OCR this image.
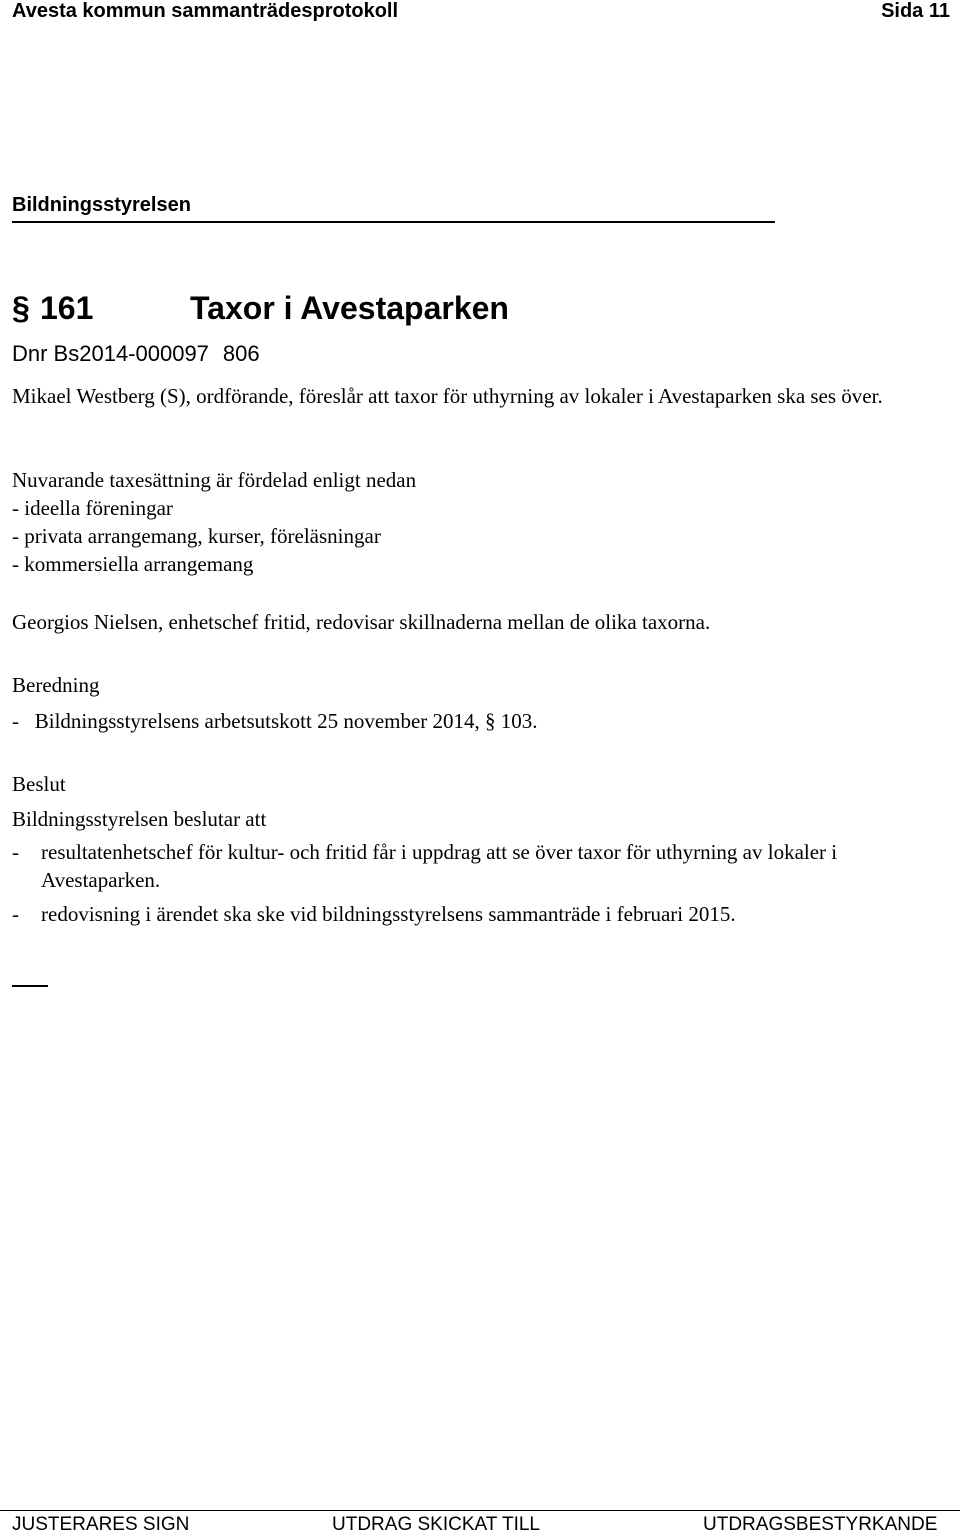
Avesta kommun sammanträdesprotokoll	Sida 11
Bildningsstyrelsen
§ 161	Taxor i Avestaparken
Dnr Bs2014-000097 806
Mikael Westberg (S), ordförande, föreslår att taxor för uthyrning av lokaler i Avestaparken ska ses över.
Nuvarande taxesättning är fördelad enligt nedan
- ideella föreningar
- privata arrangemang, kurser, föreläsningar
- kommersiella arrangemang
Georgios Nielsen, enhetschef fritid, redovisar skillnaderna mellan de olika taxorna.
Beredning
-   Bildningsstyrelsens arbetsutskott 25 november 2014, § 103.
Beslut
Bildningsstyrelsen beslutar att
- resultatenhetschef för kultur- och fritid får i uppdrag att se över taxor för uthyrning av lokaler i Avestaparken.
- redovisning i ärendet ska ske vid bildningsstyrelsens sammanträde i februari 2015.
JUSTERARES SIGN	UTDRAG SKICKAT TILL	UTDRAGSBESTYRKANDE
